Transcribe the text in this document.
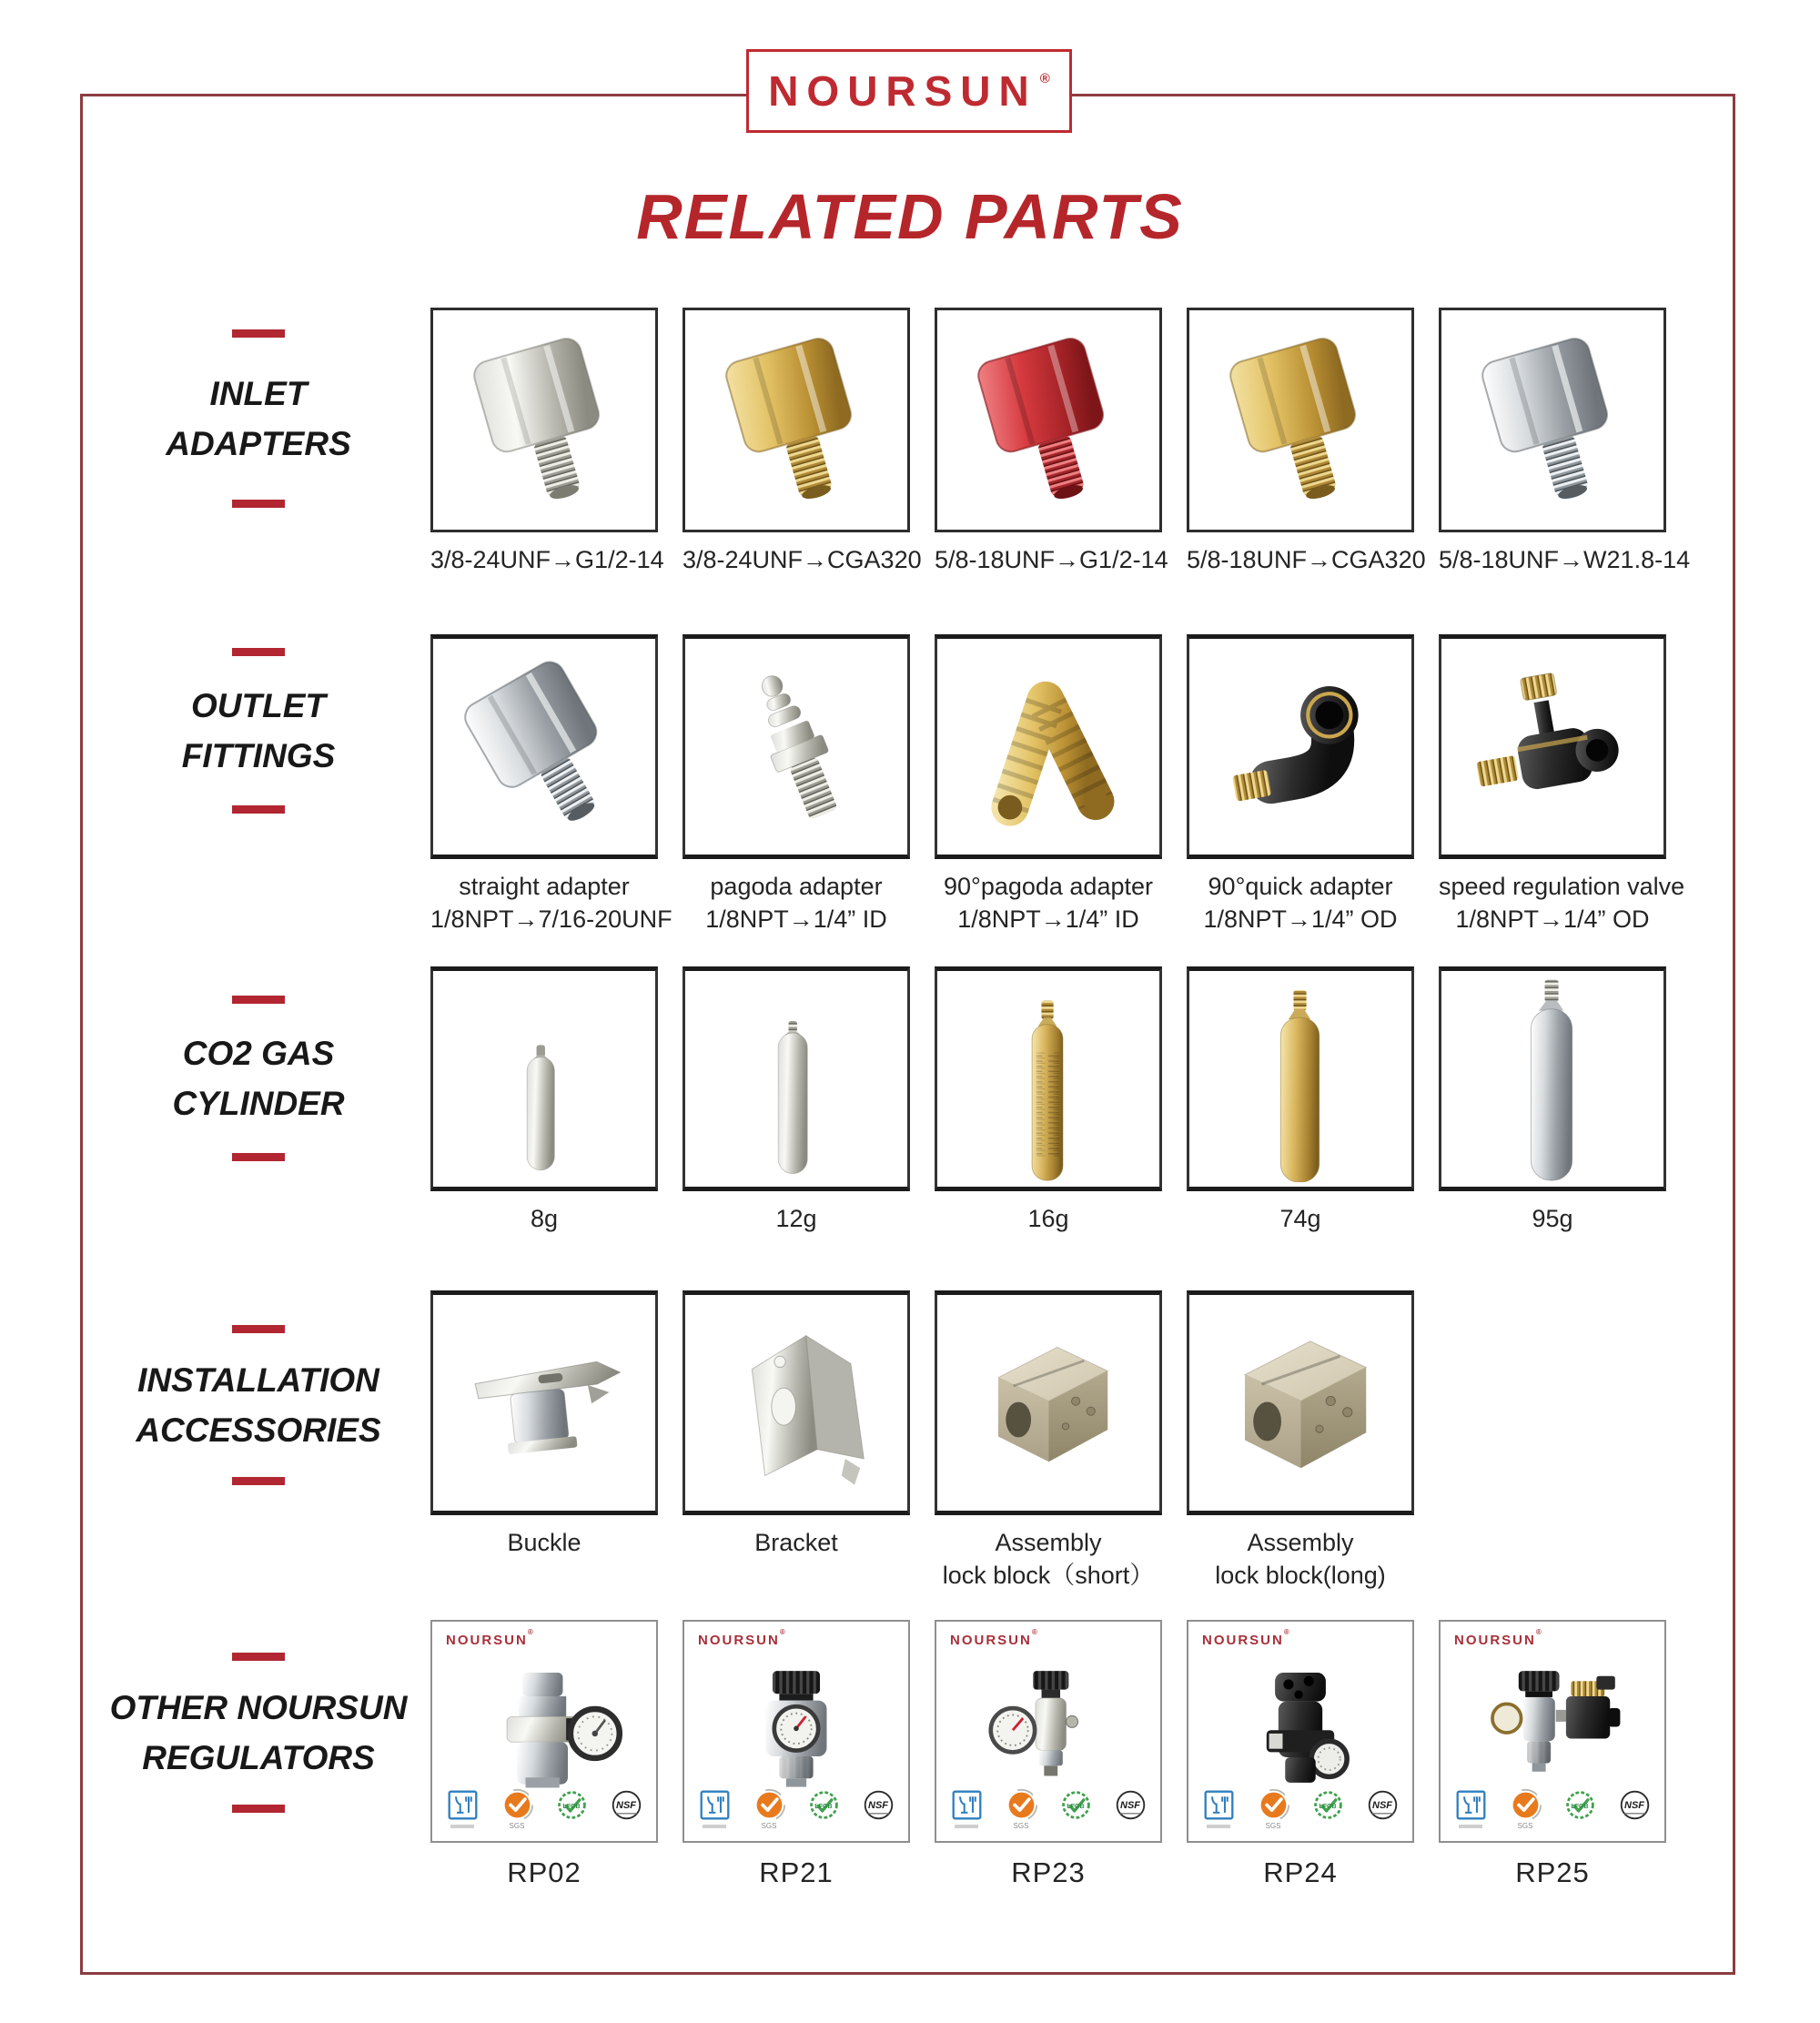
NOURSUN ®
RELATED PARTS
INLET
ADAPTERS
OUTLET
FITTINGS
CO2 GAS
CYLINDER
INSTALLATION
ACCESSORIES
OTHER NOURSUN
REGULATORS
3/8-24UNF→G1/2-14 3/8-24UNF→CGA320 5/8-18UNF→G1/2-14 5/8-18UNF→CGA320 5/8-18UNF→W21.8-14
straight adapter
1/8NPT→7/16-20UNF
pagoda adapter
1/8NPT→1/4” ID
90°pagoda adapter
1/8NPT→1/4” ID
90°quick adapter
1/8NPT→1/4” OD
speed regulation valve
1/8NPT→1/4” OD
8g	12g	16g	74g	95g
Buckle	Bracket	Assembly
lock block（short）
Assembly
lock block(long)
NOURSUN®
SGS
LFGB	NSF
RP02
NOURSUN®
SGS
LFGB	NSF
RP21
NOURSUN®
SGS
LFGB	NSF
RP23
NOURSUN®
SGS
LFGB	NSF
RP24
NOURSUN®
SGS
LFGB	NSF
RP25
